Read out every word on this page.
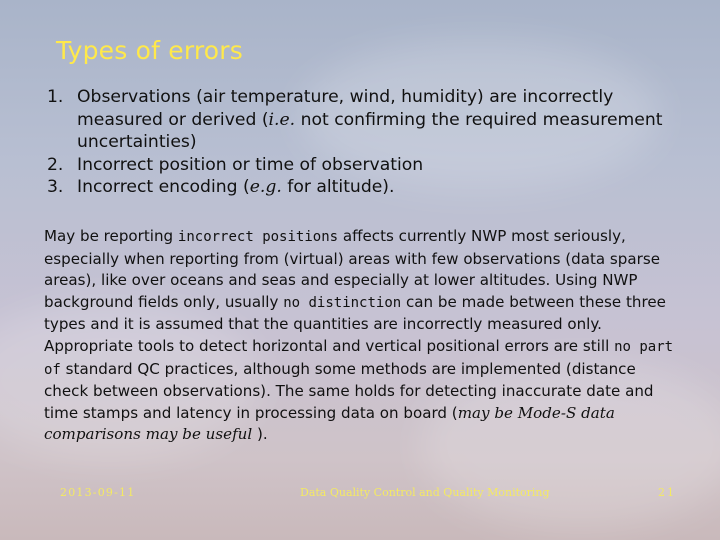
Types of errors
1. Observations (air temperature, wind, humidity) are incorrectly measured or derived (i.e. not confirming the required measurement uncertainties)
2. Incorrect position or time of observation
3. Incorrect encoding (e.g. for altitude).

May be reporting incorrect positions affects currently NWP most seriously, especially when reporting from (virtual) areas with few observations (data sparse areas), like over oceans and seas and especially at lower altitudes. Using NWP background fields only, usually no distinction can be made between these three types and it is assumed that the quantities are incorrectly measured only. Appropriate tools to detect horizontal and vertical positional errors are still no part of standard QC practices, although some methods are implemented (distance check between observations). The same holds for detecting inaccurate date and time stamps and latency in processing data on board (may be Mode-S data comparisons may be useful ).

2013-09-11	Data Quality Control and Quality Monitoring	21
